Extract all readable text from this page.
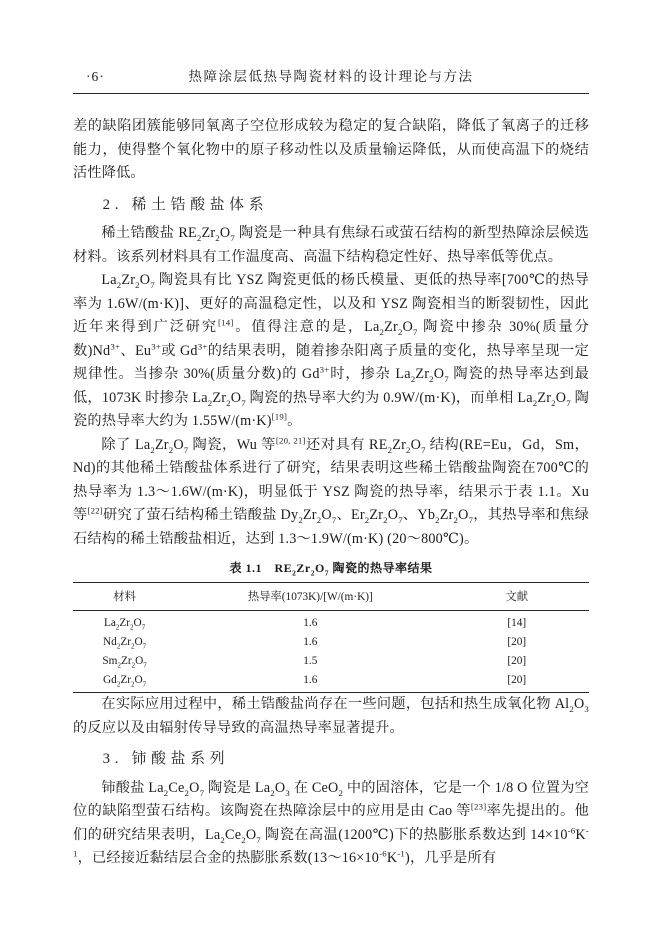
·6·	热障涂层低热导陶瓷材料的设计理论与方法

差的缺陷团簇能够同氧离子空位形成较为稳定的复合缺陷，降低了氧离子的迁移能力，使得整个氧化物中的原子移动性以及质量输运降低，从而使高温下的烧结活性降低。

2. 稀土锆酸盐体系

稀土锆酸盐 $RE_2Zr_2O_7$ 陶瓷是一种具有焦绿石或萤石结构的新型热障涂层候选材料。该系列材料具有工作温度高、高温下结构稳定性好、热导率低等优点。

$La_2Zr_2O_7$ 陶瓷具有比 YSZ 陶瓷更低的杨氏模量、更低的热导率[700℃的热导率为 1.6W/(m·K)]、更好的高温稳定性，以及和 YSZ 陶瓷相当的断裂韧性，因此近年来得到广泛研究[14]。值得注意的是，$La_2Zr_2O_7$ 陶瓷中掺杂 30%(质量分数)$Nd^{3+}$、$Eu^{3+}$或 $Gd^{3+}$的结果表明，随着掺杂阳离子质量的变化，热导率呈现一定规律性。当掺杂 30%(质量分数)的 $Gd^{3+}$时，掺杂 $La_2Zr_2O_7$ 陶瓷的热导率达到最低，1073K 时掺杂 $La_2Zr_2O_7$ 陶瓷的热导率大约为 0.9W/(m·K)，而单相 $La_2Zr_2O_7$ 陶瓷的热导率大约为 1.55W/(m·K)[19]。

除了 $La_2Zr_2O_7$ 陶瓷，Wu 等[20, 21]还对具有 $RE_2Zr_2O_7$ 结构(RE=Eu，Gd，Sm，Nd)的其他稀土锆酸盐体系进行了研究，结果表明这些稀土锆酸盐陶瓷在700℃的热导率为 1.3～1.6W/(m·K)，明显低于 YSZ 陶瓷的热导率，结果示于表 1.1。Xu 等[22]研究了萤石结构稀土锆酸盐 $Dy_2Zr_2O_7$、$Er_2Zr_2O_7$、$Yb_2Zr_2O_7$，其热导率和焦绿石结构的稀土锆酸盐相近，达到 1.3～1.9W/(m·K) (20～800℃)。

表 1.1　$RE_2Zr_2O_7$ 陶瓷的热导率结果
材料	热导率(1073K)/[W/(m·K)]	文献
$La_2Zr_2O_7$	1.6	[14]
$Nd_2Zr_2O_7$	1.6	[20]
$Sm_2Zr_2O_7$	1.5	[20]
$Gd_2Zr_2O_7$	1.6	[20]

在实际应用过程中，稀土锆酸盐尚存在一些问题，包括和热生成氧化物 $Al_2O_3$ 的反应以及由辐射传导导致的高温热导率显著提升。

3. 铈酸盐系列

铈酸盐 $La_2Ce_2O_7$ 陶瓷是 $La_2O_3$ 在 CeO$_2$ 中的固溶体，它是一个 1/8 O 位置为空位的缺陷型萤石结构。该陶瓷在热障涂层中的应用是由 Cao 等[23]率先提出的。他们的研究结果表明，$La_2Ce_2O_7$ 陶瓷在高温(1200℃)下的热膨胀系数达到 $14\times 10^{-6}K^{-1}$，已经接近黏结层合金的热膨胀系数$(13\sim 16\times 10^{-6}K^{-1})$，几乎是所有
